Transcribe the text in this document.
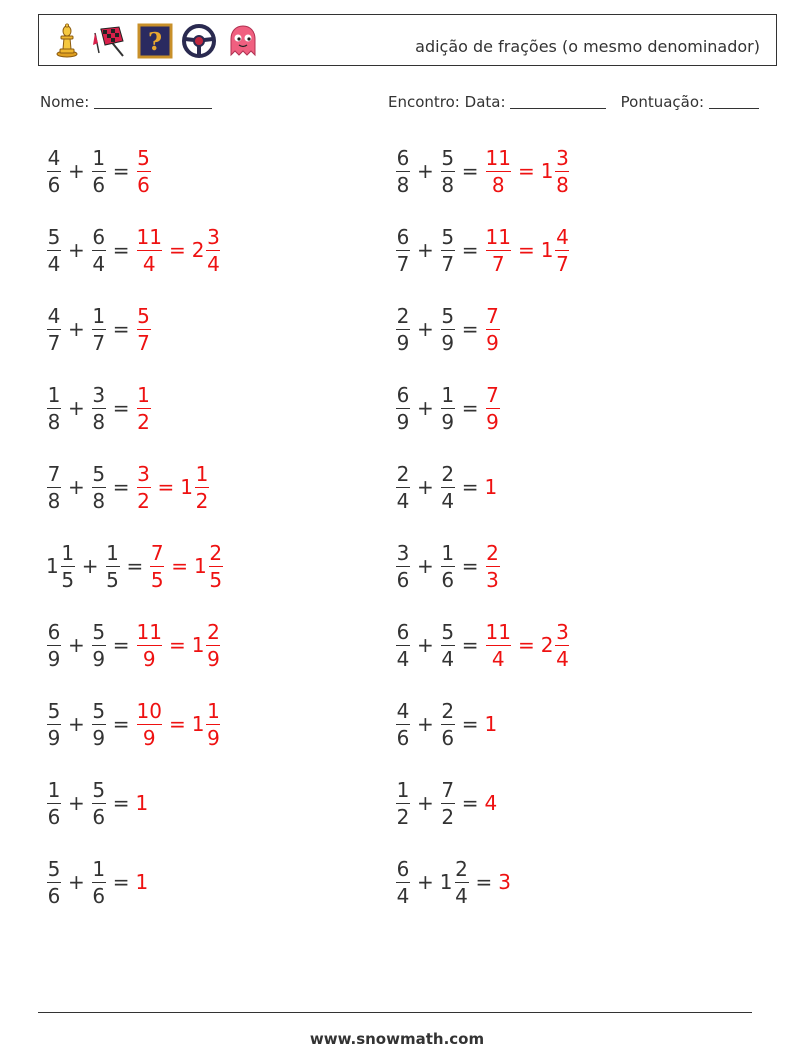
?	adição de frações (o mesmo denominador)
Nome:	Encontro: Data:	Pontuação:
$\frac{4}{6} + \frac{1}{6} = \frac{5}{6}$
$\frac{5}{4} + \frac{6}{4} = \frac{11}{4} = 2 \frac{3}{4}$
$\frac{4}{7} + \frac{1}{7} = \frac{5}{7}$
$\frac{1}{8} + \frac{3}{8} = \frac{1}{2}$
$\frac{7}{8} + \frac{5}{8} = \frac{3}{2} = 1 \frac{1}{2}$
$1 \frac{1}{5} + \frac{1}{5} = \frac{7}{5} = 1 \frac{2}{5}$
$\frac{6}{9} + \frac{5}{9} = \frac{11}{9} = 1 \frac{2}{9}$
$\frac{5}{9} + \frac{5}{9} = \frac{10}{9} = 1 \frac{1}{9}$
$\frac{1}{6} + \frac{5}{6} = 1$
$\frac{5}{6} + \frac{1}{6} = 1$
$\frac{6}{8} + \frac{5}{8} = \frac{11}{8} = 1 \frac{3}{8}$
$\frac{6}{7} + \frac{5}{7} = \frac{11}{7} = 1 \frac{4}{7}$
$\frac{2}{9} + \frac{5}{9} = \frac{7}{9}$
$\frac{6}{9} + \frac{1}{9} = \frac{7}{9}$
$\frac{2}{4} + \frac{2}{4} = 1$
$\frac{3}{6} + \frac{1}{6} = \frac{2}{3}$
$\frac{6}{4} + \frac{5}{4} = \frac{11}{4} = 2 \frac{3}{4}$
$\frac{4}{6} + \frac{2}{6} = 1$
$\frac{1}{2} + \frac{7}{2} = 4$
$\frac{6}{4} + 1 \frac{2}{4} = 3$
www.snowmath.com
